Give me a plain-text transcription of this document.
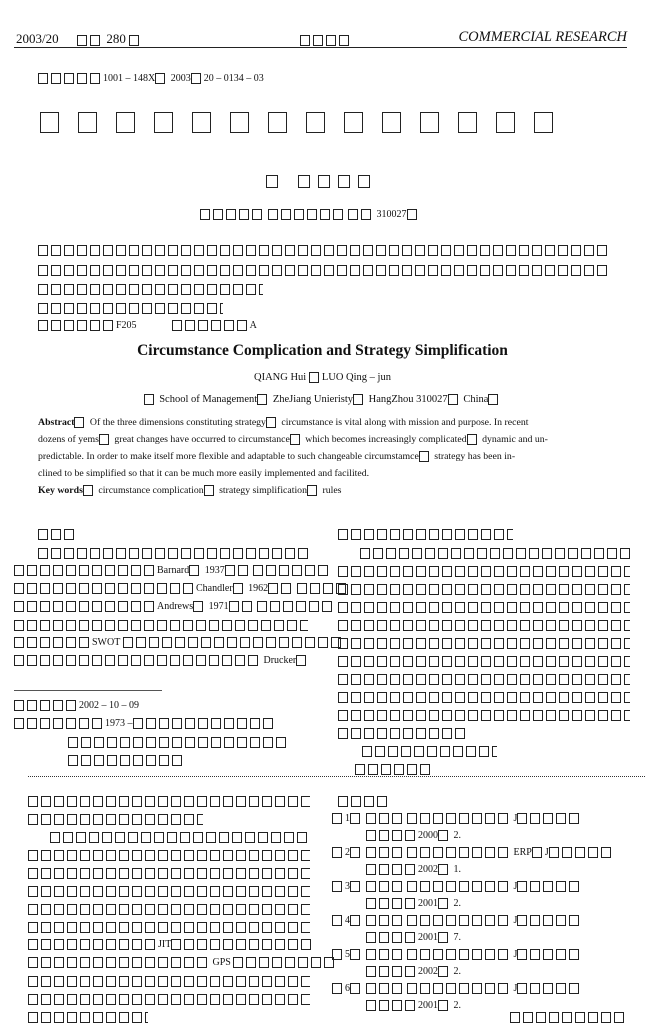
2003/20	280	COMMERCIAL RESEARCH
1001 – 148X 2003 20 – 0134 – 03
310027
F205	A
Circumstance Complication and Strategy Simplification
QIANG Hui LUO Qing – jun
School of Management ZheJiang Unieristy HangZhou 310027 China
Abstract Of the three dimensions constituting strategy circumstance is vital along with mission and purpose. In recent
dozens of yems great changes have occurred to circumstance which becomes increasingly complicated dynamic and un-
predictable. In order to make itself more flexible and adaptable to such changeable circumstamce strategy has been in-
clined to be simplified so that it can be much more easily implemented and facilited.
Key words circumstance complication strategy simplification rules
Barnard 1937
Chandler 1962
Andrews 1971
SWOT
Drucker
2002 – 10 – 09
1973 –
JIT
GPS
1	J
2000 2.
2	ERP J
2002 1.
3	J
2001 2.
4	J
2001 7.
5	J
2002 2.
6	J
2001 2.
